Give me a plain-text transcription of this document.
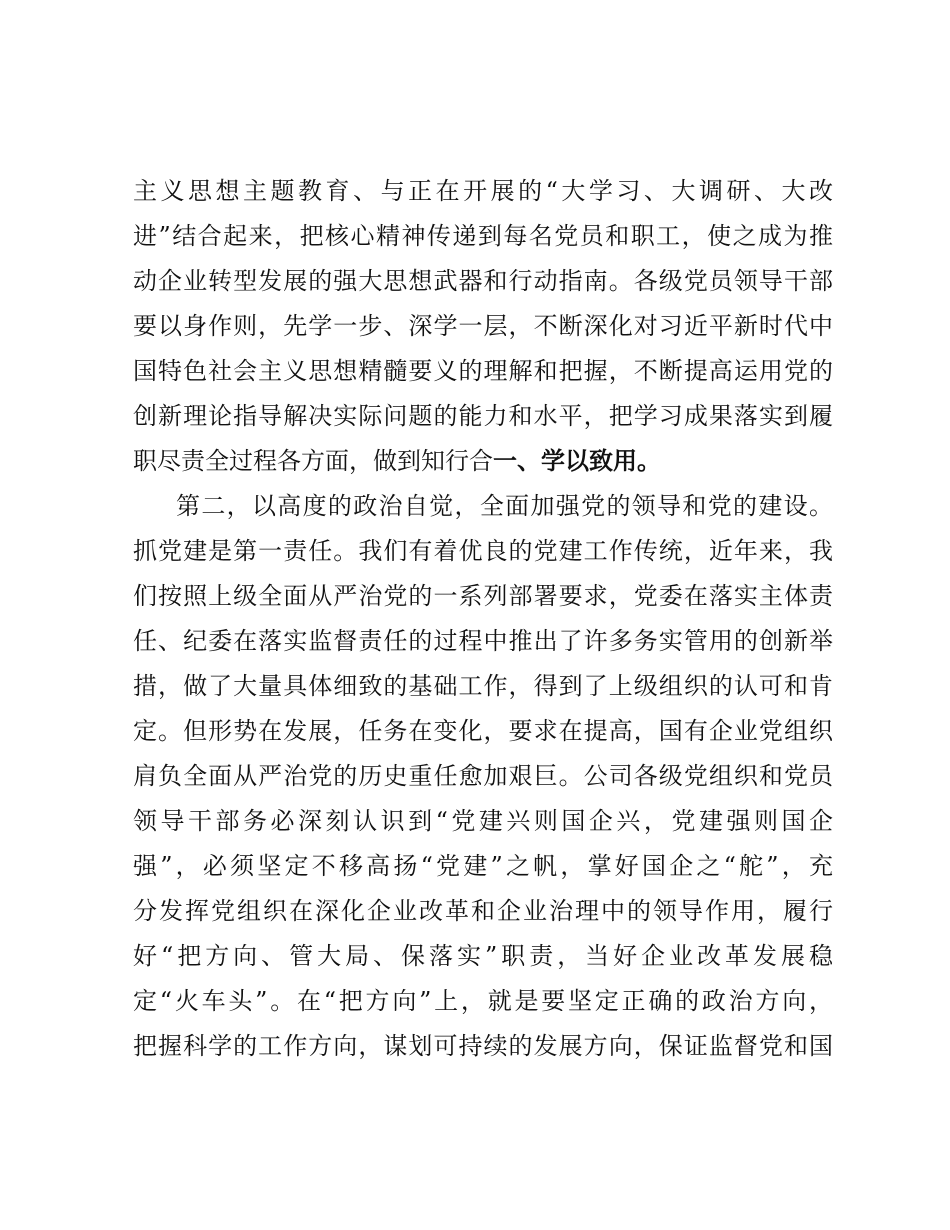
主义思想主题教育、与正在开展的“大学习、大调研、大改
进”结合起来，把核心精神传递到每名党员和职工，使之成为推
动企业转型发展的强大思想武器和行动指南。各级党员领导干部
要以身作则，先学一步、深学一层，不断深化对习近平新时代中
国特色社会主义思想精髓要义的理解和把握，不断提高运用党的
创新理论指导解决实际问题的能力和水平，把学习成果落实到履
职尽责全过程各方面，做到知行合一、学以致用。
第二，以高度的政治自觉，全面加强党的领导和党的建设。
抓党建是第一责任。我们有着优良的党建工作传统，近年来，我
们按照上级全面从严治党的一系列部署要求，党委在落实主体责
任、纪委在落实监督责任的过程中推出了许多务实管用的创新举
措，做了大量具体细致的基础工作，得到了上级组织的认可和肯
定。但形势在发展，任务在变化，要求在提高，国有企业党组织
肩负全面从严治党的历史重任愈加艰巨。公司各级党组织和党员
领导干部务必深刻认识到“党建兴则国企兴，党建强则国企
强”，必须坚定不移高扬“党建”之帆，掌好国企之“舵”，充
分发挥党组织在深化企业改革和企业治理中的领导作用，履行
好“把方向、管大局、保落实”职责，当好企业改革发展稳
定“火车头”。在“把方向”上，就是要坚定正确的政治方向，
把握科学的工作方向，谋划可持续的发展方向，保证监督党和国
